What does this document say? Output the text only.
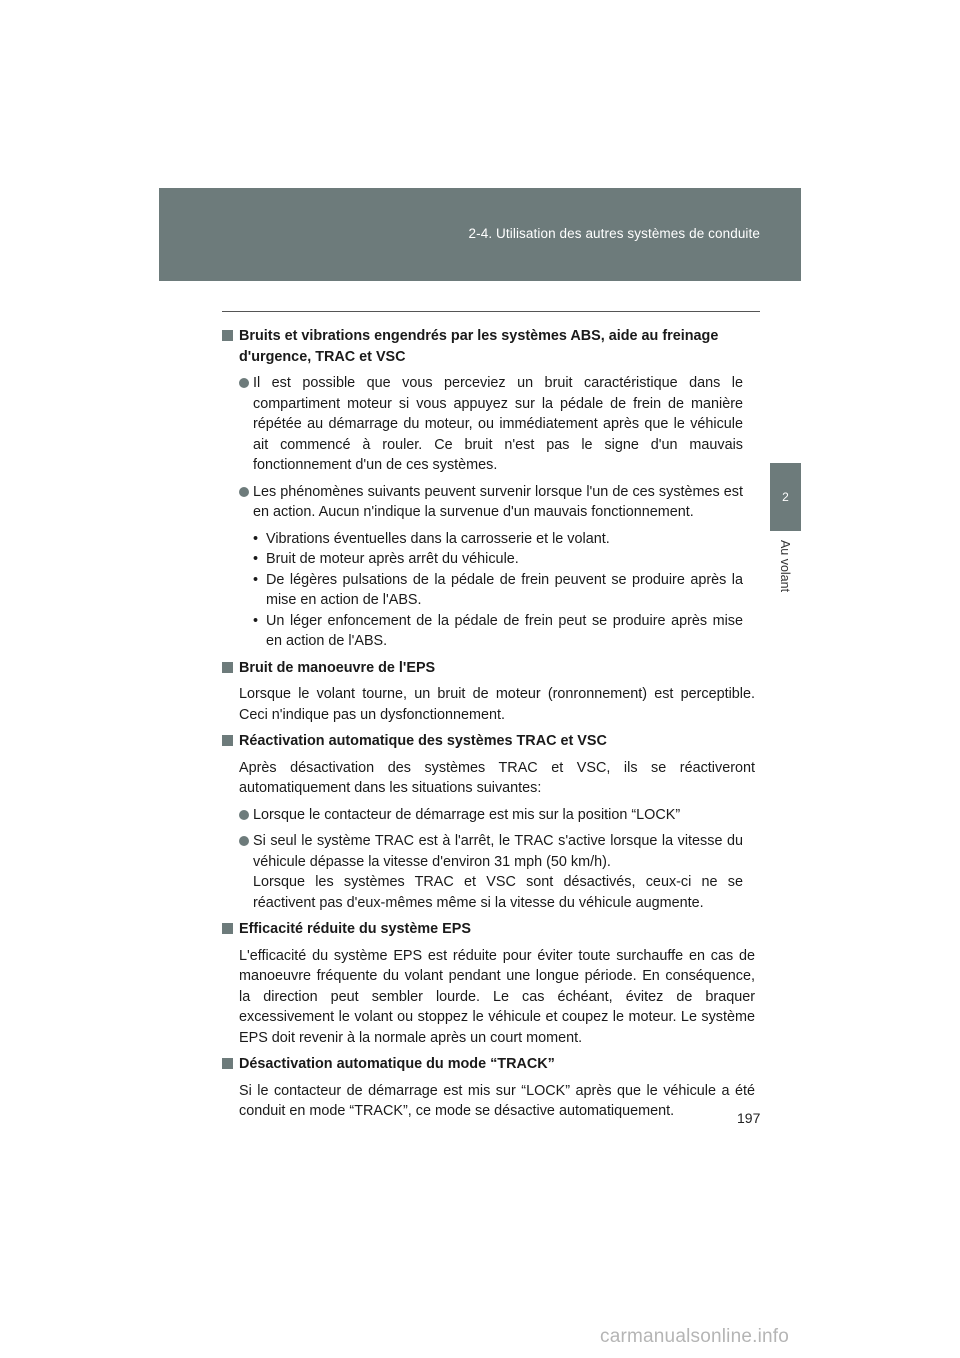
2-4. Utilisation des autres systèmes de conduite
2
Au volant
Bruits et vibrations engendrés par les systèmes ABS, aide au freinage d'urgence, TRAC et VSC
Il est possible que vous perceviez un bruit caractéristique dans le compartiment moteur si vous appuyez sur la pédale de frein de manière répétée au démarrage du moteur, ou immédiatement après que le véhicule ait commencé à rouler. Ce bruit n'est pas le signe d'un mauvais fonctionnement d'un de ces systèmes.
Les phénomènes suivants peuvent survenir lorsque l'un de ces systèmes est en action. Aucun n'indique la survenue d'un mauvais fonctionnement.
• Vibrations éventuelles dans la carrosserie et le volant.
• Bruit de moteur après arrêt du véhicule.
• De légères pulsations de la pédale de frein peuvent se produire après la mise en action de l'ABS.
• Un léger enfoncement de la pédale de frein peut se produire après mise en action de l'ABS.
Bruit de manoeuvre de l'EPS
Lorsque le volant tourne, un bruit de moteur (ronronnement) est perceptible. Ceci n'indique pas un dysfonctionnement.
Réactivation automatique des systèmes TRAC et VSC
Après désactivation des systèmes TRAC et VSC, ils se réactiveront automatiquement dans les situations suivantes:
Lorsque le contacteur de démarrage est mis sur la position “LOCK”
Si seul le système TRAC est à l'arrêt, le TRAC s'active lorsque la vitesse du véhicule dépasse la vitesse d'environ 31 mph (50 km/h).
Lorsque les systèmes TRAC et VSC sont désactivés, ceux-ci ne se réactivent pas d'eux-mêmes même si la vitesse du véhicule augmente.
Efficacité réduite du système EPS
L'efficacité du système EPS est réduite pour éviter toute surchauffe en cas de manoeuvre fréquente du volant pendant une longue période. En conséquence, la direction peut sembler lourde. Le cas échéant, évitez de braquer excessivement le volant ou stoppez le véhicule et coupez le moteur. Le système EPS doit revenir à la normale après un court moment.
Désactivation automatique du mode “TRACK”
Si le contacteur de démarrage est mis sur “LOCK” après que le véhicule a été conduit en mode “TRACK”, ce mode se désactive automatiquement.	197
carmanualsonline.info
